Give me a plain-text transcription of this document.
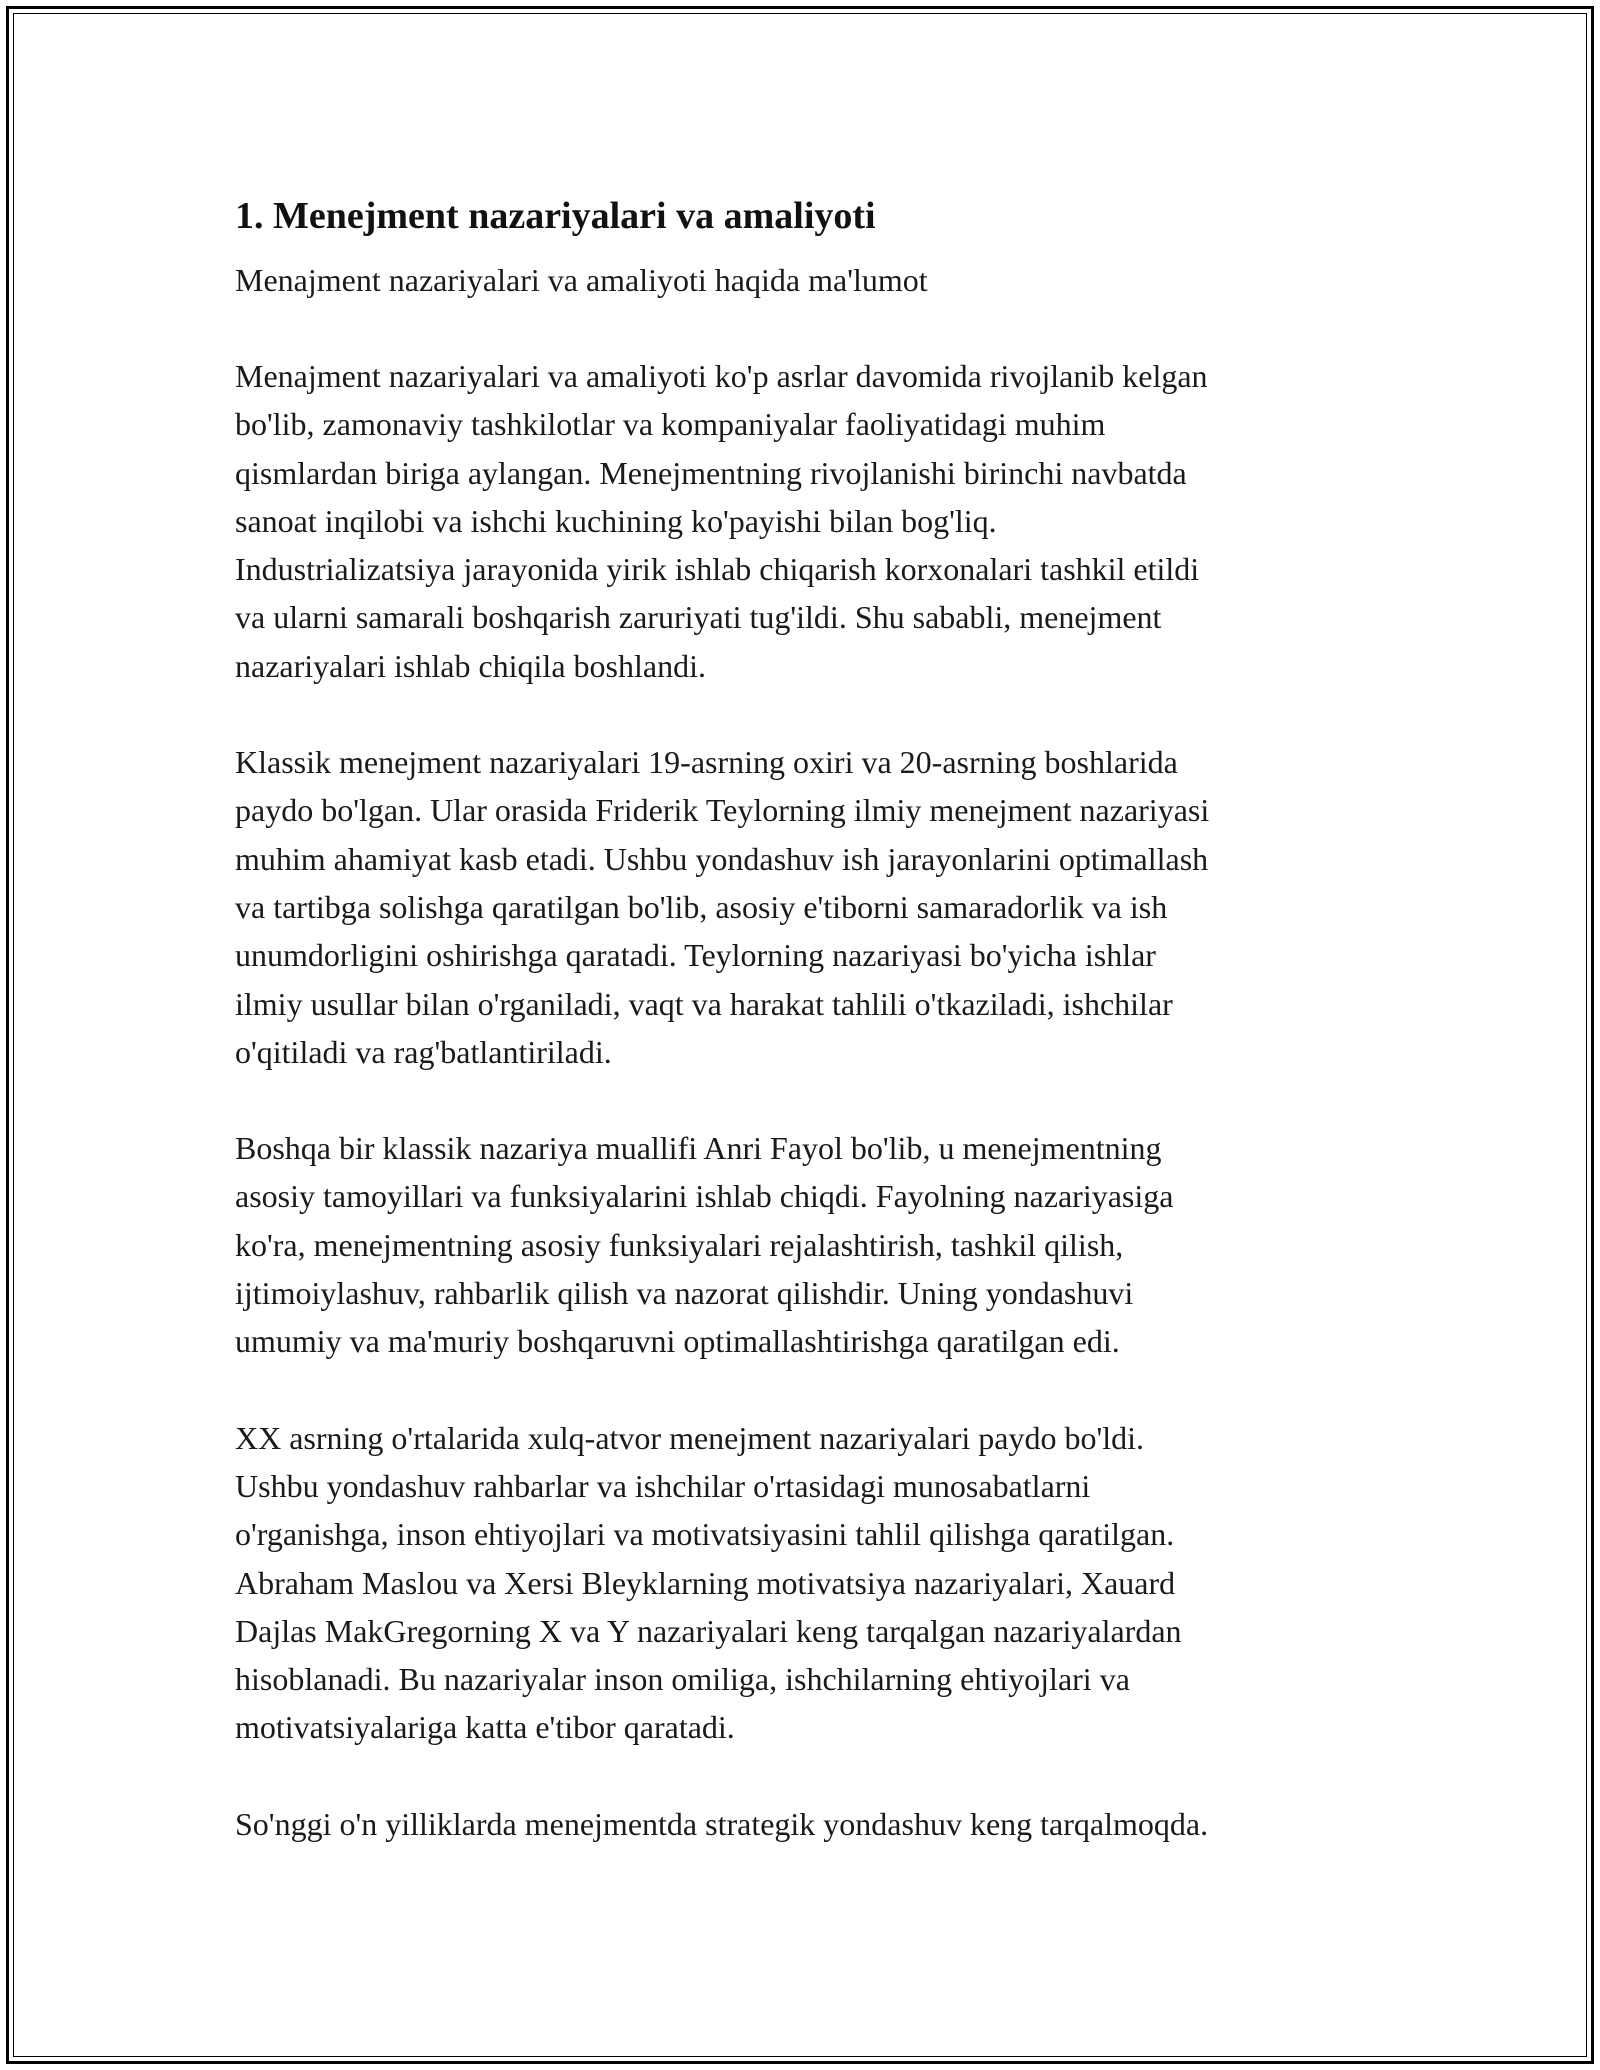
1. Menejment nazariyalari va amaliyoti

Menajment nazariyalari va amaliyoti haqida ma'lumot

Menajment nazariyalari va amaliyoti ko'p asrlar davomida rivojlanib kelgan
bo'lib, zamonaviy tashkilotlar va kompaniyalar faoliyatidagi muhim
qismlardan biriga aylangan. Menejmentning rivojlanishi birinchi navbatda
sanoat inqilobi va ishchi kuchining ko'payishi bilan bog'liq.
Industrializatsiya jarayonida yirik ishlab chiqarish korxonalari tashkil etildi
va ularni samarali boshqarish zaruriyati tug'ildi. Shu sababli, menejment
nazariyalari ishlab chiqila boshlandi.

Klassik menejment nazariyalari 19-asrning oxiri va 20-asrning boshlarida
paydo bo'lgan. Ular orasida Friderik Teylorning ilmiy menejment nazariyasi
muhim ahamiyat kasb etadi. Ushbu yondashuv ish jarayonlarini optimallash
va tartibga solishga qaratilgan bo'lib, asosiy e'tiborni samaradorlik va ish
unumdorligini oshirishga qaratadi. Teylorning nazariyasi bo'yicha ishlar
ilmiy usullar bilan o'rganiladi, vaqt va harakat tahlili o'tkaziladi, ishchilar
o'qitiladi va rag'batlantiriladi.

Boshqa bir klassik nazariya muallifi Anri Fayol bo'lib, u menejmentning
asosiy tamoyillari va funksiyalarini ishlab chiqdi. Fayolning nazariyasiga
ko'ra, menejmentning asosiy funksiyalari rejalashtirish, tashkil qilish,
ijtimoiylashuv, rahbarlik qilish va nazorat qilishdir. Uning yondashuvi
umumiy va ma'muriy boshqaruvni optimallashtirishga qaratilgan edi.

XX asrning o'rtalarida xulq-atvor menejment nazariyalari paydo bo'ldi.
Ushbu yondashuv rahbarlar va ishchilar o'rtasidagi munosabatlarni
o'rganishga, inson ehtiyojlari va motivatsiyasini tahlil qilishga qaratilgan.
Abraham Maslou va Xersi Bleyklarning motivatsiya nazariyalari, Xauard
Dajlas MakGregorning X va Y nazariyalari keng tarqalgan nazariyalardan
hisoblanadi. Bu nazariyalar inson omiliga, ishchilarning ehtiyojlari va
motivatsiyalariga katta e'tibor qaratadi.

So'nggi o'n yilliklarda menejmentda strategik yondashuv keng tarqalmoqda.
